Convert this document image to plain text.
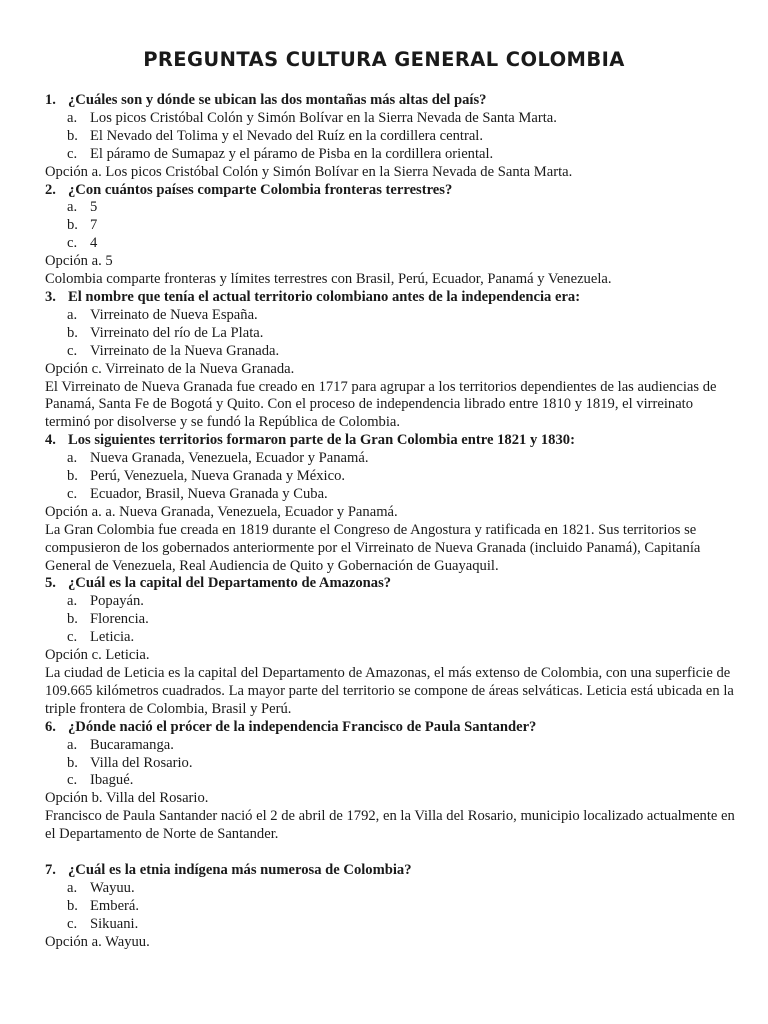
PREGUNTAS CULTURA GENERAL COLOMBIA
1. ¿Cuáles son y dónde se ubican las dos montañas más altas del país?
a. Los picos Cristóbal Colón y Simón Bolívar en la Sierra Nevada de Santa Marta.
b. El Nevado del Tolima y el Nevado del Ruíz en la cordillera central.
c. El páramo de Sumapaz y el páramo de Pisba en la cordillera oriental.
Opción a. Los picos Cristóbal Colón y Simón Bolívar en la Sierra Nevada de Santa Marta.
2. ¿Con cuántos países comparte Colombia fronteras terrestres?
a. 5
b. 7
c. 4
Opción a. 5
Colombia comparte fronteras y límites terrestres con Brasil, Perú, Ecuador, Panamá y Venezuela.
3. El nombre que tenía el actual territorio colombiano antes de la independencia era:
a. Virreinato de Nueva España.
b. Virreinato del río de La Plata.
c. Virreinato de la Nueva Granada.
Opción c. Virreinato de la Nueva Granada.
El Virreinato de Nueva Granada fue creado en 1717 para agrupar a los territorios dependientes de las audiencias de Panamá, Santa Fe de Bogotá y Quito. Con el proceso de independencia librado entre 1810 y 1819, el virreinato terminó por disolverse y se fundó la República de Colombia.
4. Los siguientes territorios formaron parte de la Gran Colombia entre 1821 y 1830:
a. Nueva Granada, Venezuela, Ecuador y Panamá.
b. Perú, Venezuela, Nueva Granada y México.
c. Ecuador, Brasil, Nueva Granada y Cuba.
Opción a. a. Nueva Granada, Venezuela, Ecuador y Panamá.
La Gran Colombia fue creada en 1819 durante el Congreso de Angostura y ratificada en 1821. Sus territorios se compusieron de los gobernados anteriormente por el Virreinato de Nueva Granada (incluido Panamá), Capitanía General de Venezuela, Real Audiencia de Quito y Gobernación de Guayaquil.
5. ¿Cuál es la capital del Departamento de Amazonas?
a. Popayán.
b. Florencia.
c. Leticia.
Opción c. Leticia.
La ciudad de Leticia es la capital del Departamento de Amazonas, el más extenso de Colombia, con una superficie de 109.665 kilómetros cuadrados. La mayor parte del territorio se compone de áreas selváticas. Leticia está ubicada en la triple frontera de Colombia, Brasil y Perú.
6. ¿Dónde nació el prócer de la independencia Francisco de Paula Santander?
a. Bucaramanga.
b. Villa del Rosario.
c. Ibagué.
Opción b. Villa del Rosario.
Francisco de Paula Santander nació el 2 de abril de 1792, en la Villa del Rosario, municipio localizado actualmente en el Departamento de Norte de Santander.
7. ¿Cuál es la etnia indígena más numerosa de Colombia?
a. Wayuu.
b. Emberá.
c. Sikuani.
Opción a. Wayuu.
